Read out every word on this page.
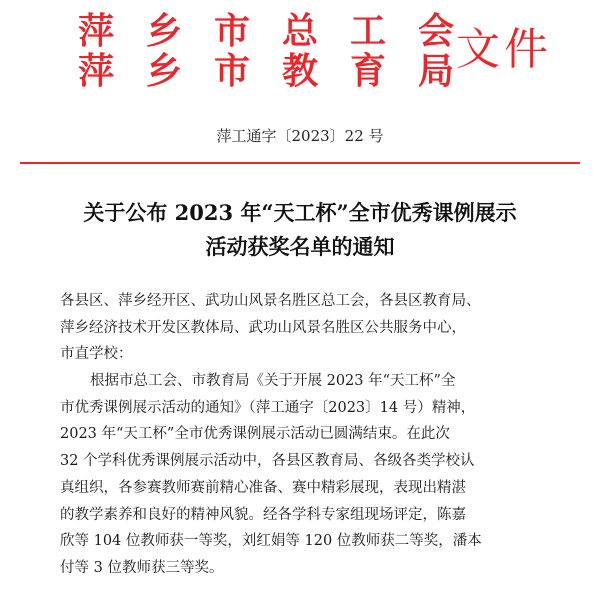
萍乡市总工会
萍乡市教育局
文件
萍工通字〔2023〕22 号
关于公布 2023 年“天工杯”全市优秀课例展示
活动获奖名单的通知
各县区、萍乡经开区、武功山风景名胜区总工会，各县区教育局、
萍乡经济技术开发区教体局、武功山风景名胜区公共服务中心，
市直学校：
根据市总工会、市教育局《关于开展 2023 年“天工杯”全
市优秀课例展示活动的通知》（萍工通字〔2023〕14 号）精神，
2023 年“天工杯”全市优秀课例展示活动已圆满结束。在此次
32 个学科优秀课例展示活动中，各县区教育局、各级各类学校认
真组织，各参赛教师赛前精心准备、赛中精彩展现，表现出精湛
的教学素养和良好的精神风貌。经各学科专家组现场评定，陈嘉
欣等 104 位教师获一等奖，刘红娟等 120 位教师获二等奖，潘本
付等 3 位教师获三等奖。
